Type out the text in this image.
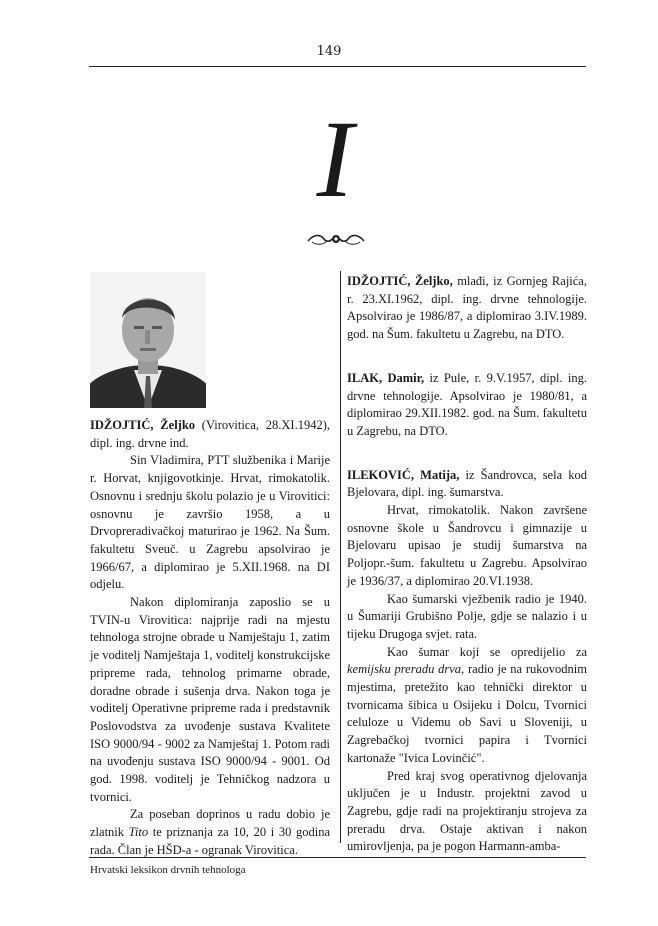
149
I

IDŽOJTIĆ, Željko (Virovitica, 28.XI.1942), dipl. ing. drvne ind.

Sin Vladimira, PTT službenika i Marije r. Horvat, knjigovotkinje. Hrvat, rimokatolik. Osnovnu i srednju školu polazio je u Virovitici: osnovnu je završio 1958, a u Drvopreradivačkoj maturirao je 1962. Na Šum. fakultetu Sveuč. u Zagrebu apsolvirao je 1966/67, a diplomirao je 5.XII.1968. na DI odjelu.

Nakon diplomiranja zaposlio se u TVIN-u Virovitica: najprije radi na mjestu tehnologa strojne obrade u Namještaju 1, zatim je voditelj Namještaja 1, voditelj konstrukcijske pripreme rada, tehnolog primarne obrade, doradne obrade i sušenja drva. Nakon toga je voditelj Operativne pripreme rada i predstavnik Poslovodstva za uvođenje sustava Kvalitete ISO 9000/94 - 9002 za Namještaj 1. Potom radi na uvođenju sustava ISO 9000/94 - 9001. Od god. 1998. voditelj je Tehničkog nadzora u tvornici.

Za poseban doprinos u radu dobio je zlatnik Tito te priznanja za 10, 20 i 30 godina rada. Član je HŠD-a - ogranak Virovitica.

IDŽOJTIĆ, Željko, mlađi, iz Gornjeg Rajića, r. 23.XI.1962, dipl. ing. drvne tehnologije. Apsolvirao je 1986/87, a diplomirao 3.IV.1989. god. na Šum. fakultetu u Zagrebu, na DTO.

ILAK, Damir, iz Pule, r. 9.V.1957, dipl. ing. drvne tehnologije. Apsolvirao je 1980/81, a diplomirao 29.XII.1982. god. na Šum. fakultetu u Zagrebu, na DTO.

ILEKOVIĆ, Matija, iz Šandrovca, sela kod Bjelovara, dipl. ing. šumarstva.

Hrvat, rimokatolik. Nakon završene osnovne škole u Šandrovcu i gimnazije u Bjelovaru upisao je studij šumarstva na Poljopr.-šum. fakultetu u Zagrebu. Apsolvirao je 1936/37, a diplomirao 20.VI.1938.

Kao šumarski vježbenik radio je 1940. u Šumariji Grubišno Polje, gdje se nalazio i u tijeku Drugoga svjet. rata.

Kao šumar koji se opredijelio za kemijsku preradu drva, radio je na rukovodnim mjestima, pretežito kao tehnički direktor u tvornicama šibica u Osijeku i Dolcu, Tvornici celuloze u Videmu ob Savi u Sloveniji, u Zagrebačkoj tvornici papira i Tvornici kartonaže "Ivica Lovinčić".

Pred kraj svog operativnog djelovanja uključen je u Industr. projektni zavod u Zagrebu, gdje radi na projektiranju strojeva za preradu drva. Ostaje aktivan i nakon umirovljenja, pa je pogon Harmann-amba-

Hrvatski leksikon drvnih tehnologa
